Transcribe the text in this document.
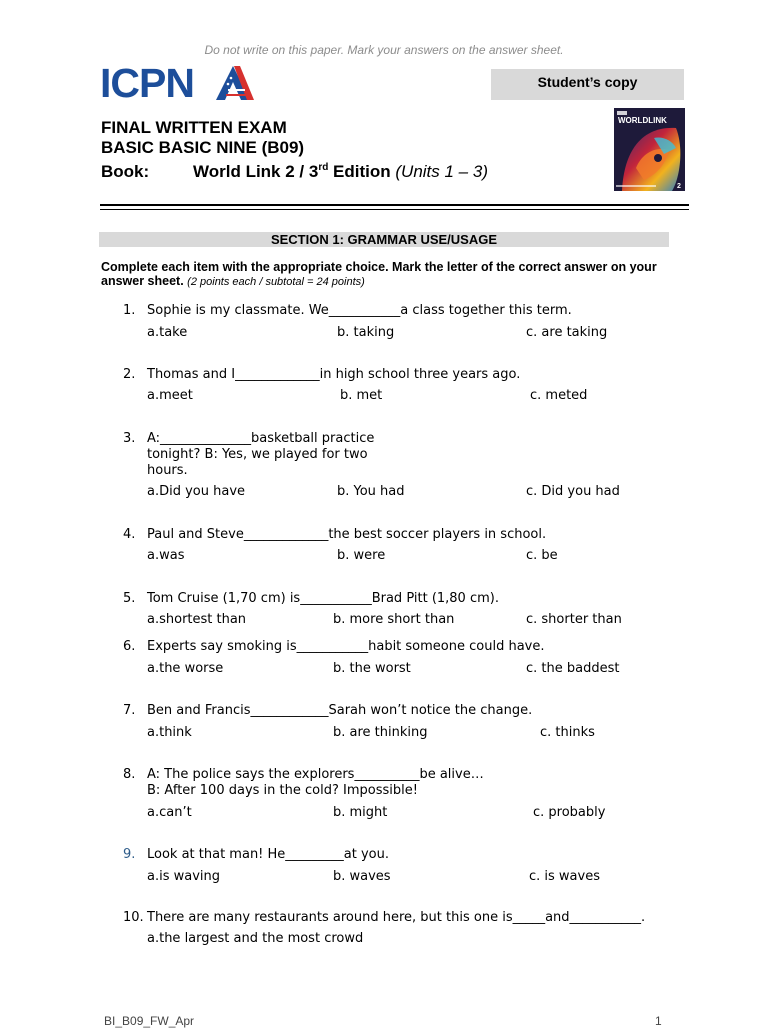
Do not write on this paper. Mark your answers on the answer sheet.
ICPN	Student’s copy
FINAL WRITTEN EXAM
BASIC BASIC NINE (B09)
Book:	World Link 2 / 3rd Edition (Units 1 – 3)
WORLDLINK
2
SECTION 1: GRAMMAR USE/USAGE
Complete each item with the appropriate choice. Mark the letter of the correct answer on your answer sheet. (2 points each / subtotal = 24 points)
1. Sophie is my classmate. We___________a class together this term.
a.take	b. taking	c. are taking
2. Thomas and I_____________in high school three years ago.
a.meet	b. met	c. meted
3. A:______________basketball practice
tonight? B: Yes, we played for two
hours.
a.Did you have	b. You had	c. Did you had
4. Paul and Steve_____________the best soccer players in school.
a.was	b. were	c. be
5. Tom Cruise (1,70 cm) is___________Brad Pitt (1,80 cm).
a.shortest than	b. more short than	c. shorter than
6. Experts say smoking is___________habit someone could have.
a.the worse	b. the worst	c. the baddest
7. Ben and Francis____________Sarah won’t notice the change.
a.think	b. are thinking	c. thinks
8. A: The police says the explorers__________be alive…
B: After 100 days in the cold? Impossible!
a.can’t	b. might	c. probably
9. Look at that man! He_________at you.
a.is waving	b. waves	c. is waves
10. There are many restaurants around here, but this one is_____and___________.
a.the largest and the most crowd
BI_B09_FW_Apr	1
